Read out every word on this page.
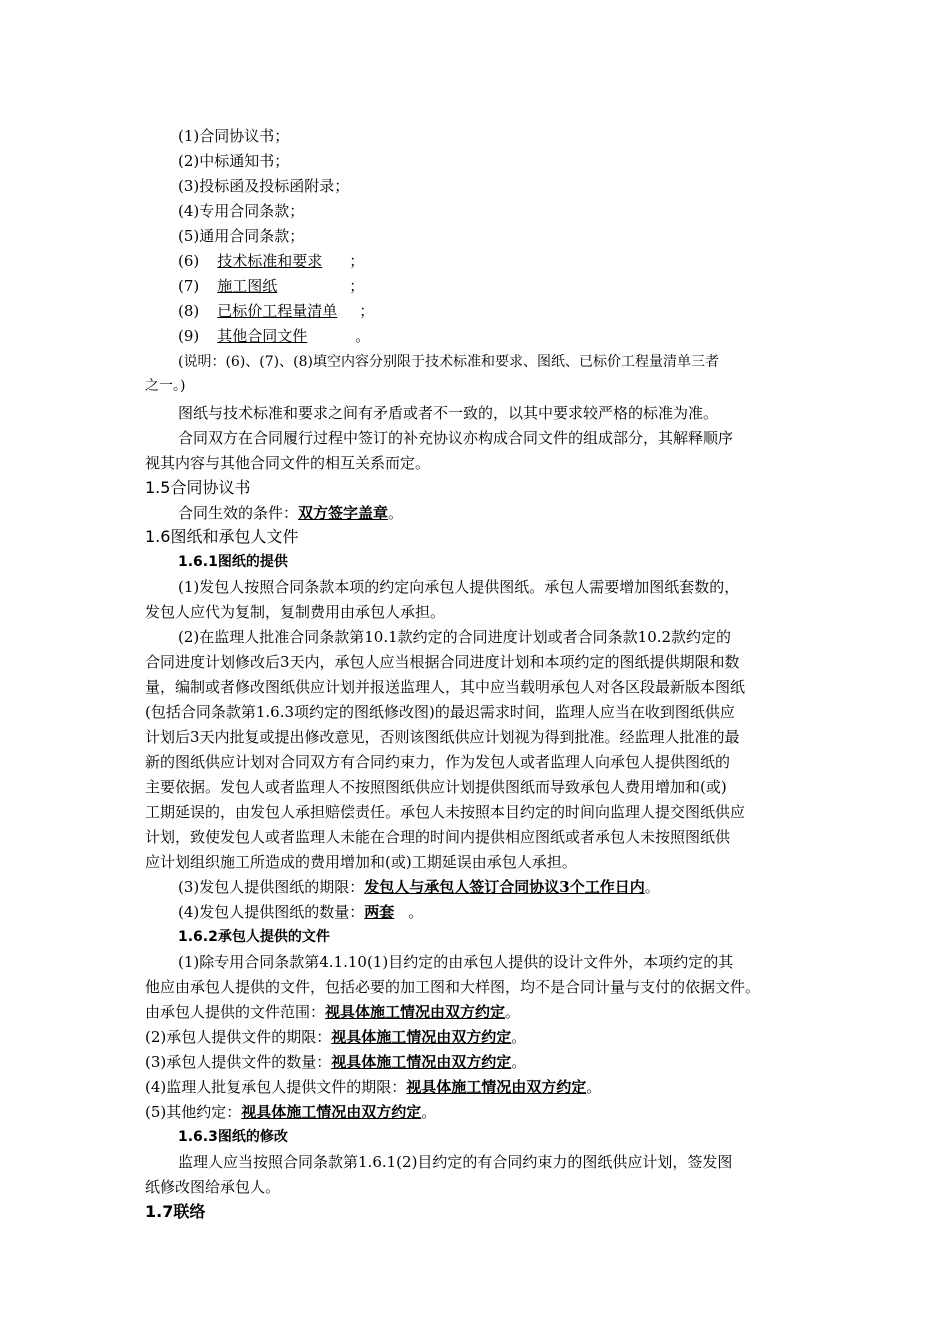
(1)合同协议书；
(2)中标通知书；
(3)投标函及投标函附录；
(4)专用合同条款；
(5)通用合同条款；
(6) 技术标准和要求 ；
(7) 施工图纸	；
(8) 已标价工程量清单 ；
(9) 其他合同文件	。
(说明：(6)、(7)、(8)填空内容分别限于技术标准和要求、图纸、已标价工程量清单三者
之一。)
图纸与技术标准和要求之间有矛盾或者不一致的，以其中要求较严格的标准为准。
合同双方在合同履行过程中签订的补充协议亦构成合同文件的组成部分，其解释顺序
视其内容与其他合同文件的相互关系而定。
1.5合同协议书
合同生效的条件：双方签字盖章。
1.6图纸和承包人文件
1.6.1图纸的提供
(1)发包人按照合同条款本项的约定向承包人提供图纸。承包人需要增加图纸套数的，
发包人应代为复制，复制费用由承包人承担。
(2)在监理人批准合同条款第10.1款约定的合同进度计划或者合同条款10.2款约定的
合同进度计划修改后3天内，承包人应当根据合同进度计划和本项约定的图纸提供期限和数
量，编制或者修改图纸供应计划并报送监理人，其中应当载明承包人对各区段最新版本图纸
(包括合同条款第1.6.3项约定的图纸修改图)的最迟需求时间，监理人应当在收到图纸供应
计划后3天内批复或提出修改意见，否则该图纸供应计划视为得到批准。经监理人批准的最
新的图纸供应计划对合同双方有合同约束力，作为发包人或者监理人向承包人提供图纸的
主要依据。发包人或者监理人不按照图纸供应计划提供图纸而导致承包人费用增加和(或)
工期延误的，由发包人承担赔偿责任。承包人未按照本目约定的时间向监理人提交图纸供应
计划，致使发包人或者监理人未能在合理的时间内提供相应图纸或者承包人未按照图纸供
应计划组织施工所造成的费用增加和(或)工期延误由承包人承担。
(3)发包人提供图纸的期限：发包人与承包人签订合同协议3个工作日内。
(4)发包人提供图纸的数量：两套 。
1.6.2承包人提供的文件
(1)除专用合同条款第4.1.10(1)目约定的由承包人提供的设计文件外，本项约定的其
他应由承包人提供的文件，包括必要的加工图和大样图，均不是合同计量与支付的依据文件。
由承包人提供的文件范围：视具体施工情况由双方约定。
(2)承包人提供文件的期限：视具体施工情况由双方约定。
(3)承包人提供文件的数量：视具体施工情况由双方约定。
(4)监理人批复承包人提供文件的期限：视具体施工情况由双方约定。
(5)其他约定：视具体施工情况由双方约定。
1.6.3图纸的修改
监理人应当按照合同条款第1.6.1(2)目约定的有合同约束力的图纸供应计划，签发图
纸修改图给承包人。
1.7联络
